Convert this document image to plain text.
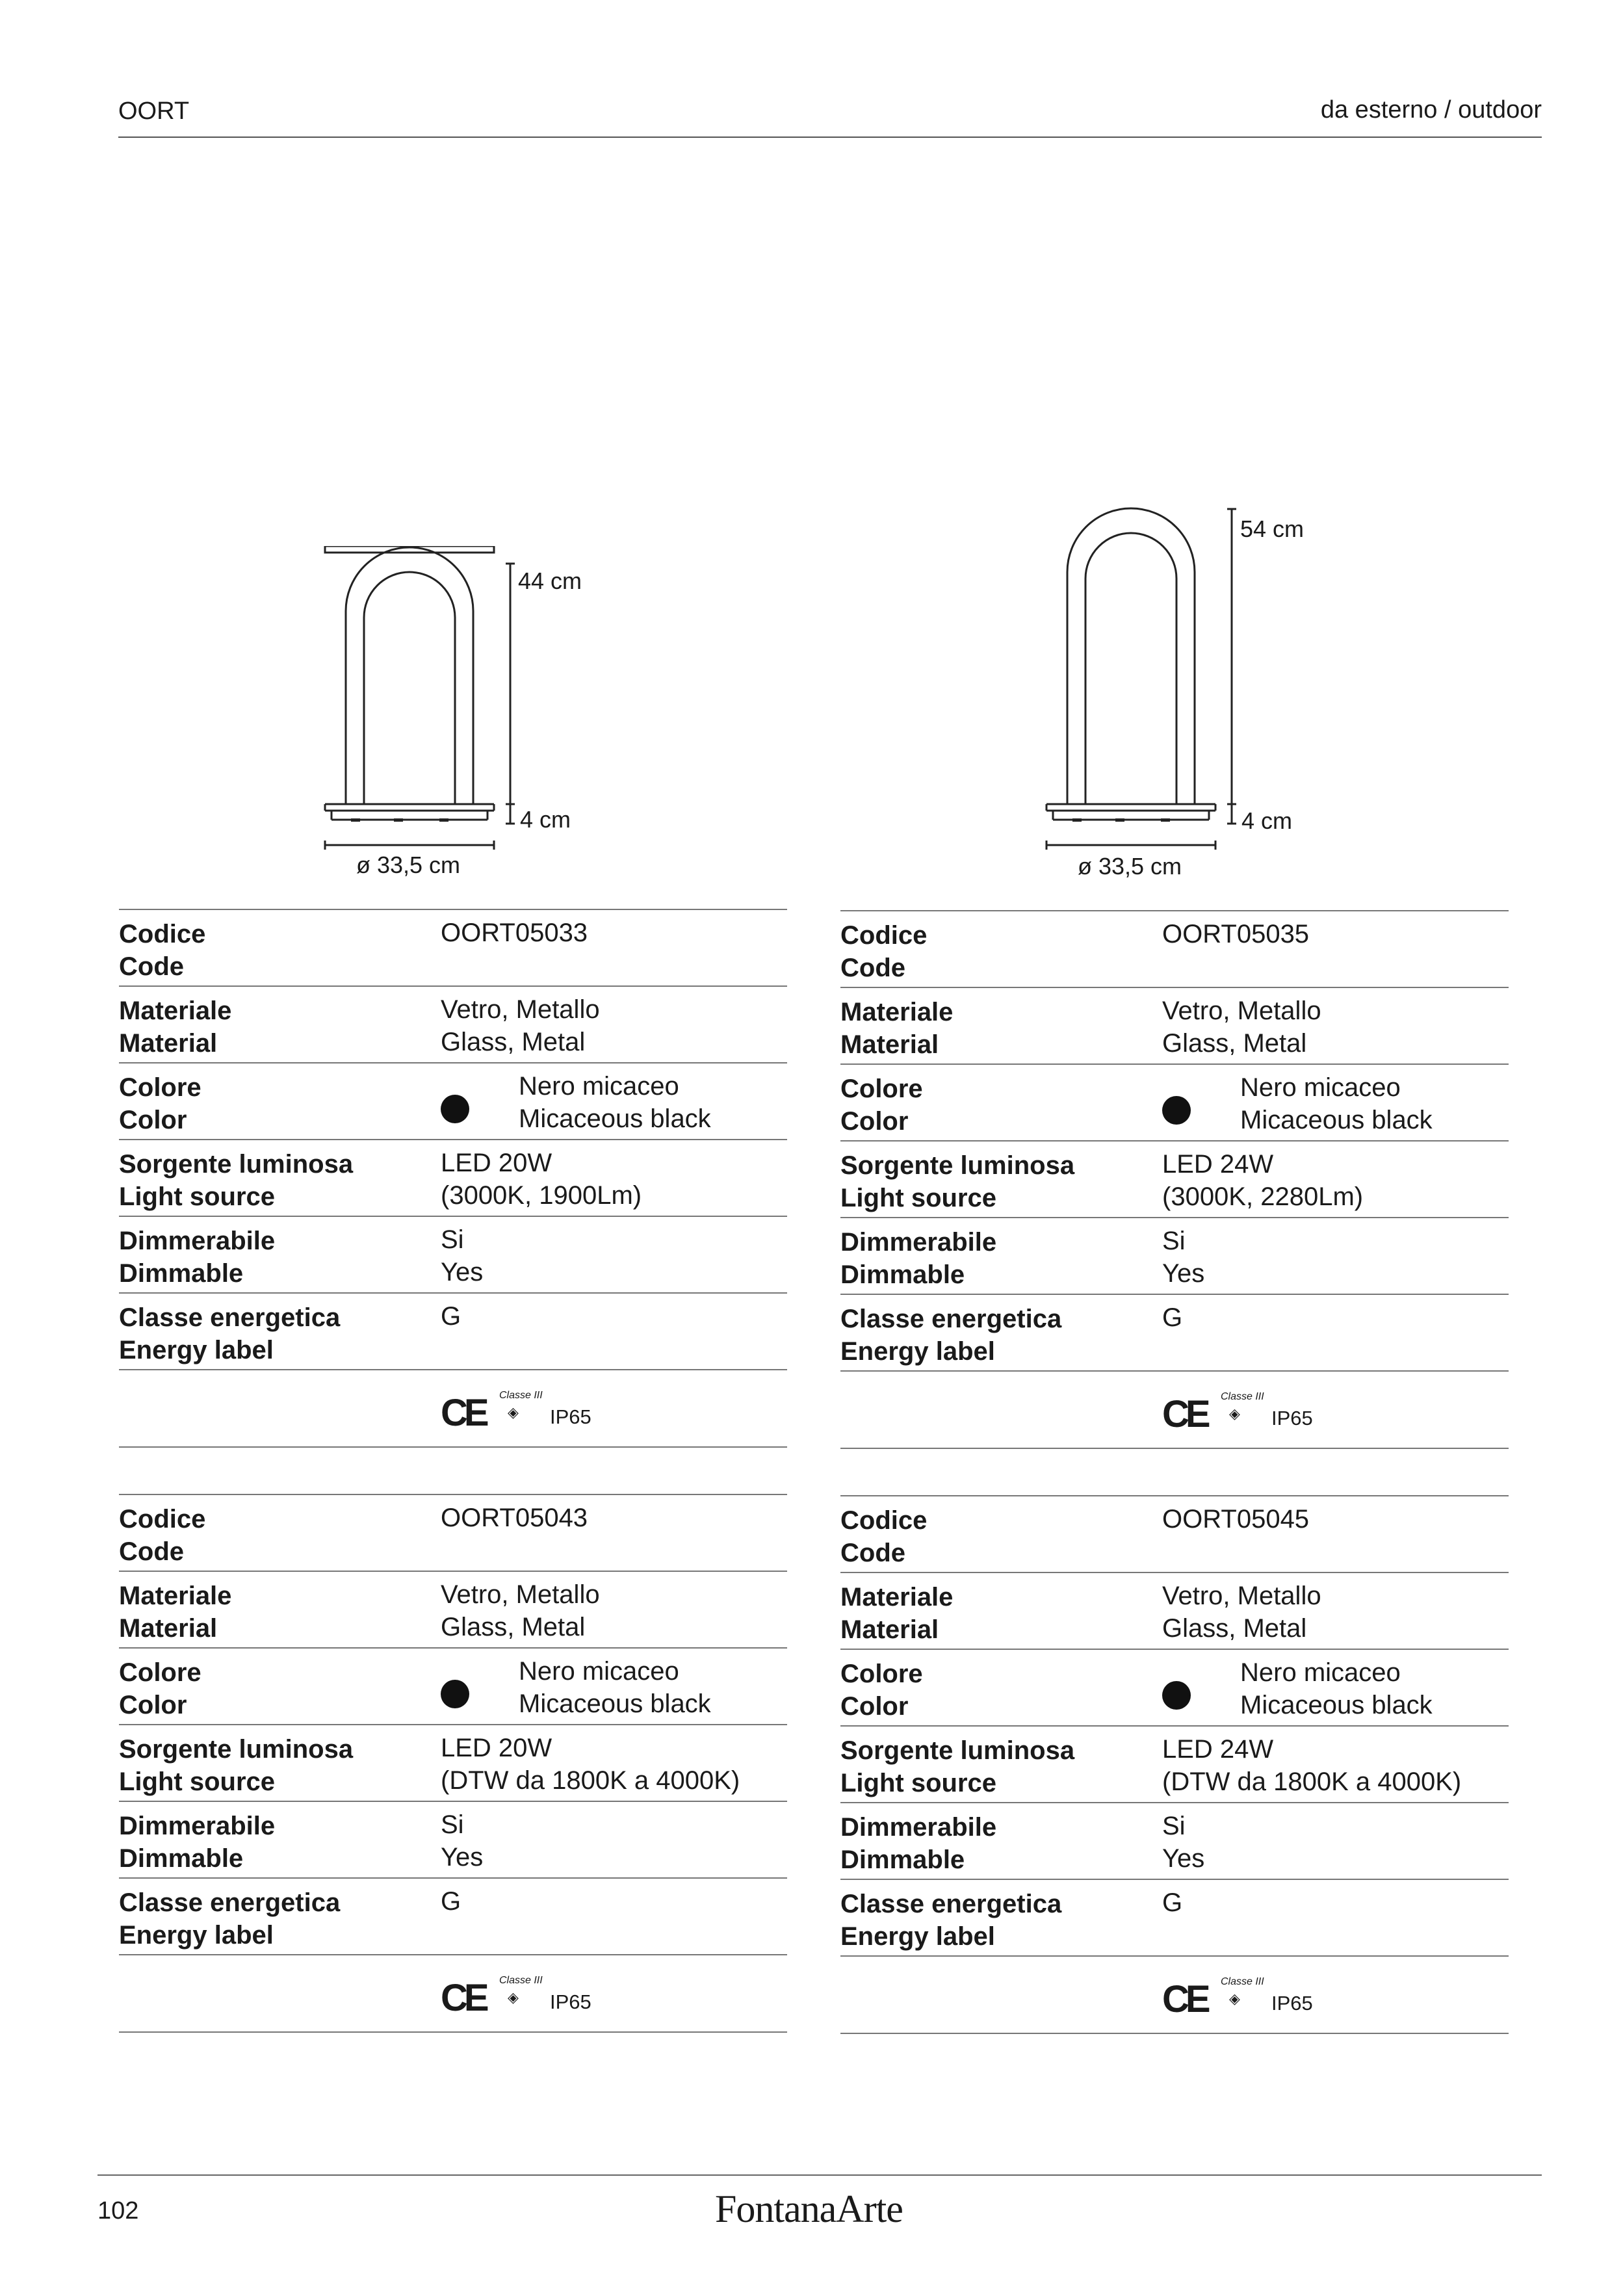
OORT	da esterno / outdoor
44 cm
4 cm
ø 33,5 cm
54 cm
4 cm
ø 33,5 cm
Codice
Code
OORT05033
Materiale
Material
Vetro, Metallo
Glass, Metal
Colore
Color
Nero micaceo
Micaceous black
Sorgente luminosa
Light source
LED 20W
(3000K, 1900Lm)
Dimmerabile
Dimmable
Si
Yes
Classe energetica
Energy label
G
CE Classe III
◈ IP65
Codice
Code
OORT05035
Materiale
Material
Vetro, Metallo
Glass, Metal
Colore
Color
Nero micaceo
Micaceous black
Sorgente luminosa
Light source
LED 24W
(3000K, 2280Lm)
Dimmerabile
Dimmable
Si
Yes
Classe energetica
Energy label
G
CE Classe III
◈ IP65
Codice
Code
OORT05043
Materiale
Material
Vetro, Metallo
Glass, Metal
Colore
Color
Nero micaceo
Micaceous black
Sorgente luminosa
Light source
LED 20W
(DTW da 1800K a 4000K)
Dimmerabile
Dimmable
Si
Yes
Classe energetica
Energy label
G
CE Classe III
◈ IP65
Codice
Code
OORT05045
Materiale
Material
Vetro, Metallo
Glass, Metal
Colore
Color
Nero micaceo
Micaceous black
Sorgente luminosa
Light source
LED 24W
(DTW da 1800K a 4000K)
Dimmerabile
Dimmable
Si
Yes
Classe energetica
Energy label
G
CE Classe III
◈ IP65
102	FontanaArte
